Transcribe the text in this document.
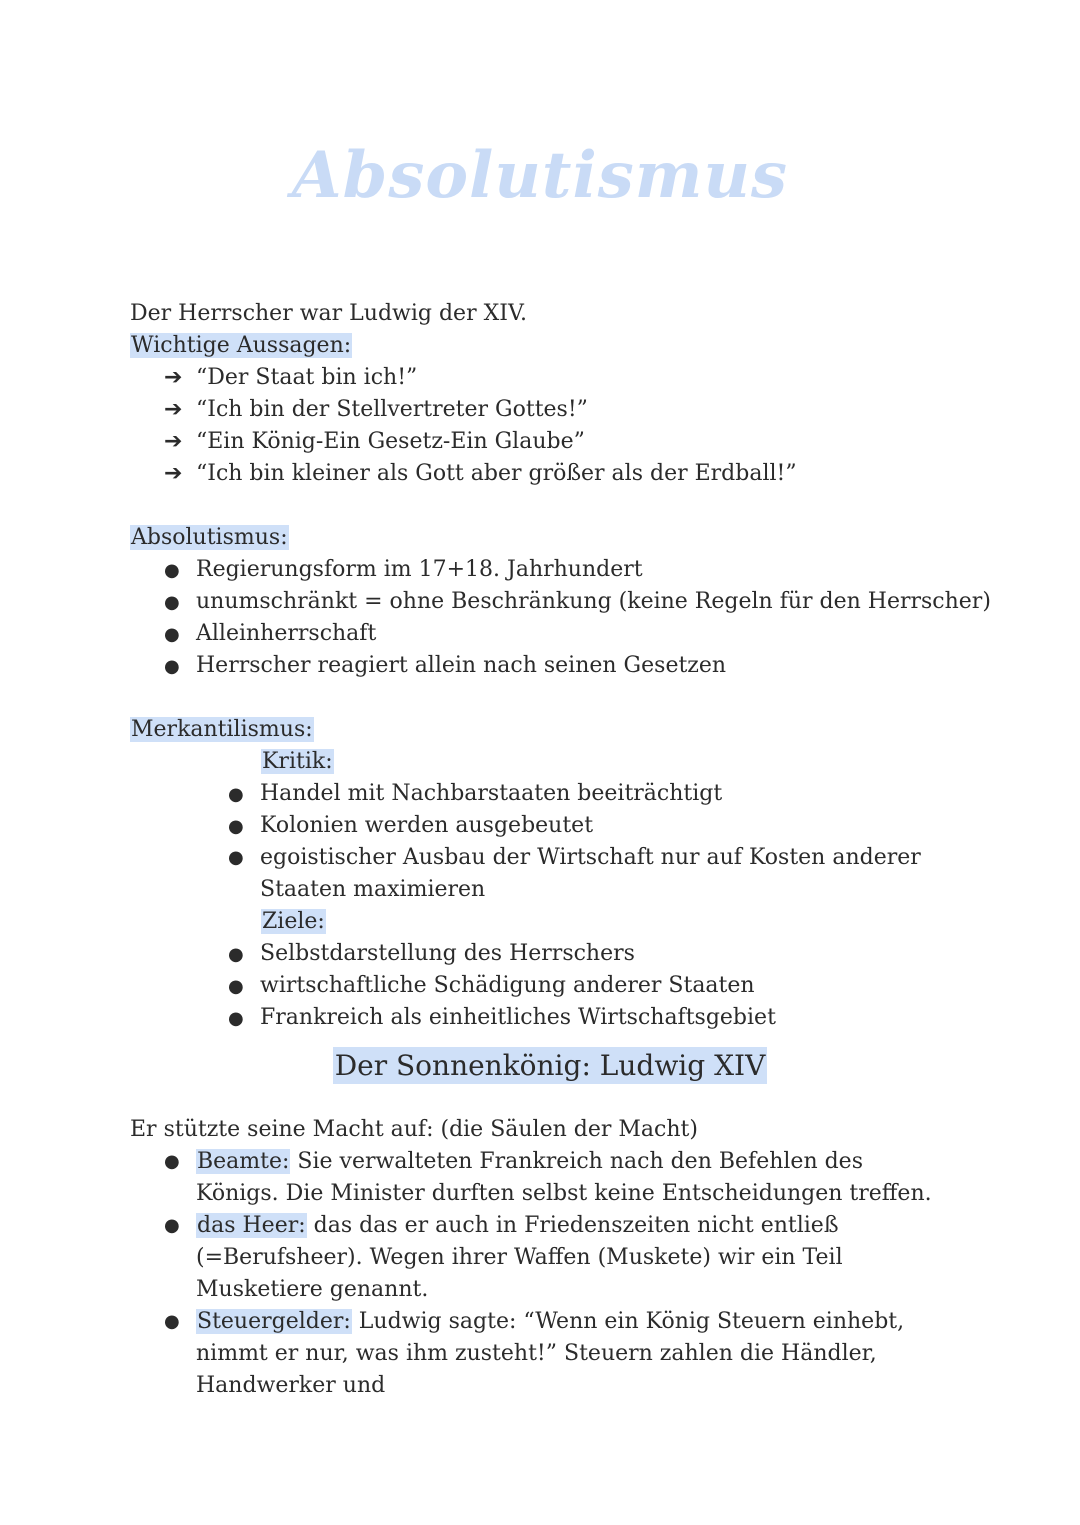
Absolutismus
Der Herrscher war Ludwig der XIV.
Wichtige Aussagen:
➔ “Der Staat bin ich!”
➔ “Ich bin der Stellvertreter Gottes!”
➔ “Ein König-Ein Gesetz-Ein Glaube”
➔ “Ich bin kleiner als Gott aber größer als der Erdball!”
Absolutismus:
● Regierungsform im 17+18. Jahrhundert
● unumschränkt = ohne Beschränkung (keine Regeln für den Herrscher)
● Alleinherrschaft
● Herrscher reagiert allein nach seinen Gesetzen
Merkantilismus:
Kritik:
● Handel mit Nachbarstaaten beeiträchtigt
● Kolonien werden ausgebeutet
● egoistischer Ausbau der Wirtschaft nur auf Kosten anderer Staaten maximieren
Ziele:
● Selbstdarstellung des Herrschers
● wirtschaftliche Schädigung anderer Staaten
● Frankreich als einheitliches Wirtschaftsgebiet
Der Sonnenkönig: Ludwig XIV
Er stützte seine Macht auf: (die Säulen der Macht)
● Beamte: Sie verwalteten Frankreich nach den Befehlen des Königs. Die Minister durften selbst keine Entscheidungen treffen.
● das Heer: das das er auch in Friedenszeiten nicht entließ (=Berufsheer). Wegen ihrer Waffen (Muskete) wir ein Teil Musketiere genannt.
● Steuergelder: Ludwig sagte: “Wenn ein König Steuern einhebt, nimmt er nur, was ihm zusteht!” Steuern zahlen die Händler, Handwerker und
